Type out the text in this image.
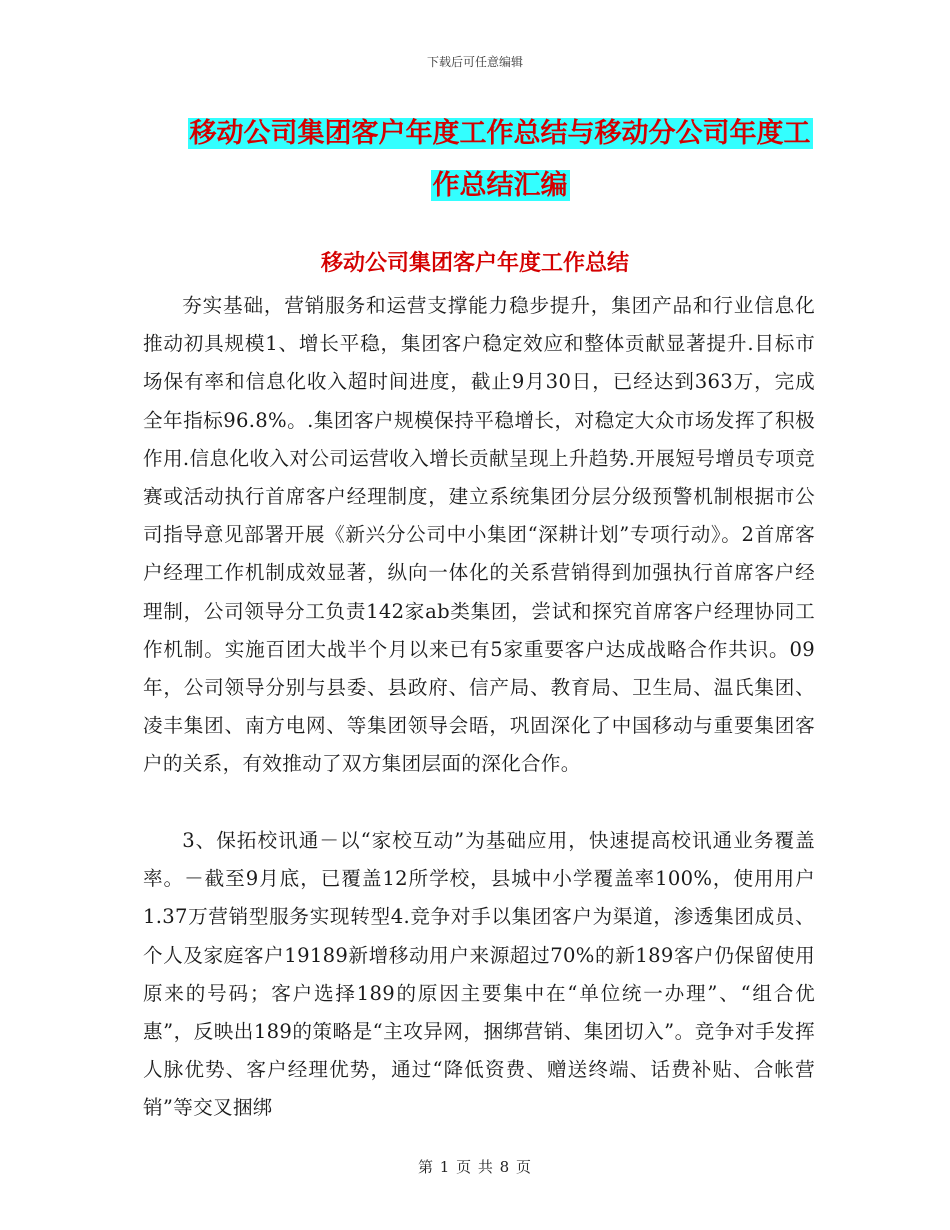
下载后可任意编辑
移动公司集团客户年度工作总结与移动分公司年度工
作总结汇编
移动公司集团客户年度工作总结

夯实基础，营销服务和运营支撑能力稳步提升，集团产品和行业信息化推动初具规模1、增长平稳，集团客户稳定效应和整体贡献显著提升.目标市场保有率和信息化收入超时间进度，截止9月30日，已经达到363万，完成全年指标96.8%。.集团客户规模保持平稳增长，对稳定大众市场发挥了积极作用.信息化收入对公司运营收入增长贡献呈现上升趋势.开展短号增员专项竞赛或活动执行首席客户经理制度，建立系统集团分层分级预警机制根据市公司指导意见部署开展《新兴分公司中小集团“深耕计划”专项行动》。2首席客户经理工作机制成效显著，纵向一体化的关系营销得到加强执行首席客户经理制，公司领导分工负责142家ab类集团，尝试和探究首席客户经理协同工作机制。实施百团大战半个月以来已有5家重要客户达成战略合作共识。09年，公司领导分别与县委、县政府、信产局、教育局、卫生局、温氏集团、凌丰集团、南方电网、等集团领导会晤，巩固深化了中国移动与重要集团客户的关系，有效推动了双方集团层面的深化合作。

3、保拓校讯通－以“家校互动”为基础应用，快速提高校讯通业务覆盖率。－截至9月底，已覆盖12所学校，县城中小学覆盖率100%，使用用户1.37万营销型服务实现转型4.竞争对手以集团客户为渠道，渗透集团成员、个人及家庭客户19189新增移动用户来源超过70%的新189客户仍保留使用原来的号码；客户选择189的原因主要集中在“单位统一办理”、“组合优惠”，反映出189的策略是“主攻异网，捆绑营销、集团切入”。竞争对手发挥人脉优势、客户经理优势，通过“降低资费、赠送终端、话费补贴、合帐营销”等交叉捆绑

第 1 页 共 8 页
